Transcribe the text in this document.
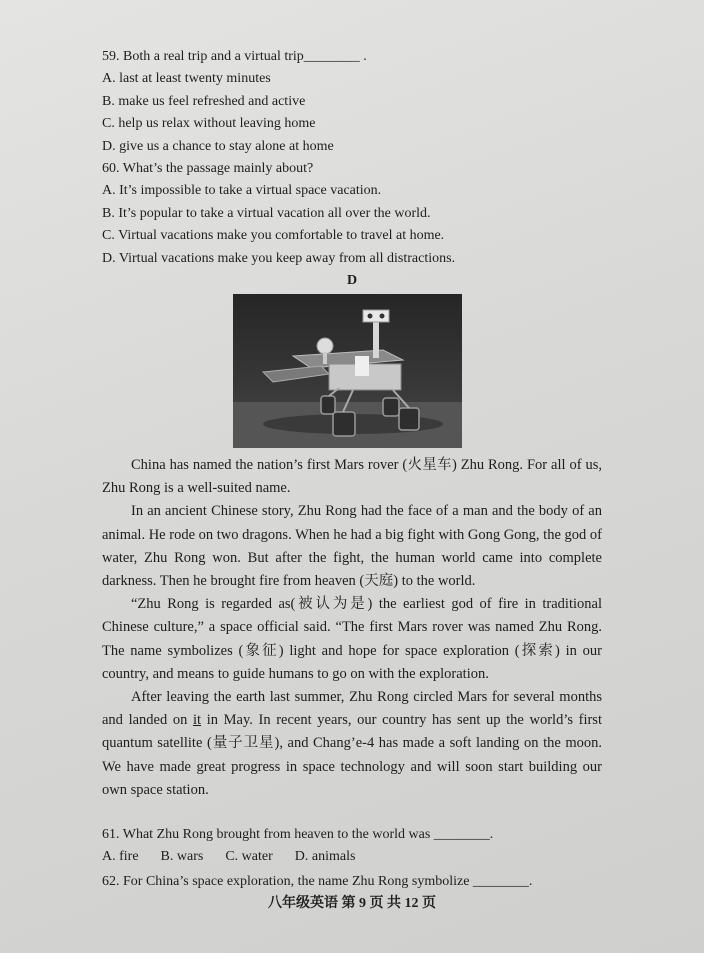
59. Both a real trip and a virtual trip________ .
A. last at least twenty minutes
B. make us feel refreshed and active
C. help us relax without leaving home
D. give us a chance to stay alone at home
60. What’s the passage mainly about?
A. It’s impossible to take a virtual space vacation.
B. It’s popular to take a virtual vacation all over the world.
C. Virtual vacations make you comfortable to travel at home.
D. Virtual vacations make you keep away from all distractions.
D
China has named the nation’s first Mars rover (火星车) Zhu Rong. For all of us, Zhu Rong is a well-suited name.
In an ancient Chinese story, Zhu Rong had the face of a man and the body of an animal. He rode on two dragons. When he had a big fight with Gong Gong, the god of water, Zhu Rong won. But after the fight, the human world came into complete darkness. Then he brought fire from heaven (天庭) to the world.
“Zhu Rong is regarded as(被认为是) the earliest god of fire in traditional Chinese culture,” a space official said. “The first Mars rover was named Zhu Rong. The name symbolizes (象征) light and hope for space exploration (探索) in our country, and means to guide humans to go on with the exploration.
After leaving the earth last summer, Zhu Rong circled Mars for several months and landed on it in May. In recent years, our country has sent up the world’s first quantum satellite (量子卫星), and Chang’e-4 has made a soft landing on the moon. We have made great progress in space technology and will soon start building our own space station.
61. What Zhu Rong brought from heaven to the world was ________.
A. fire B. wars C. water D. animals
62. For China’s space exploration, the name Zhu Rong symbolize ________.
八年级英语 第 9 页 共 12 页
